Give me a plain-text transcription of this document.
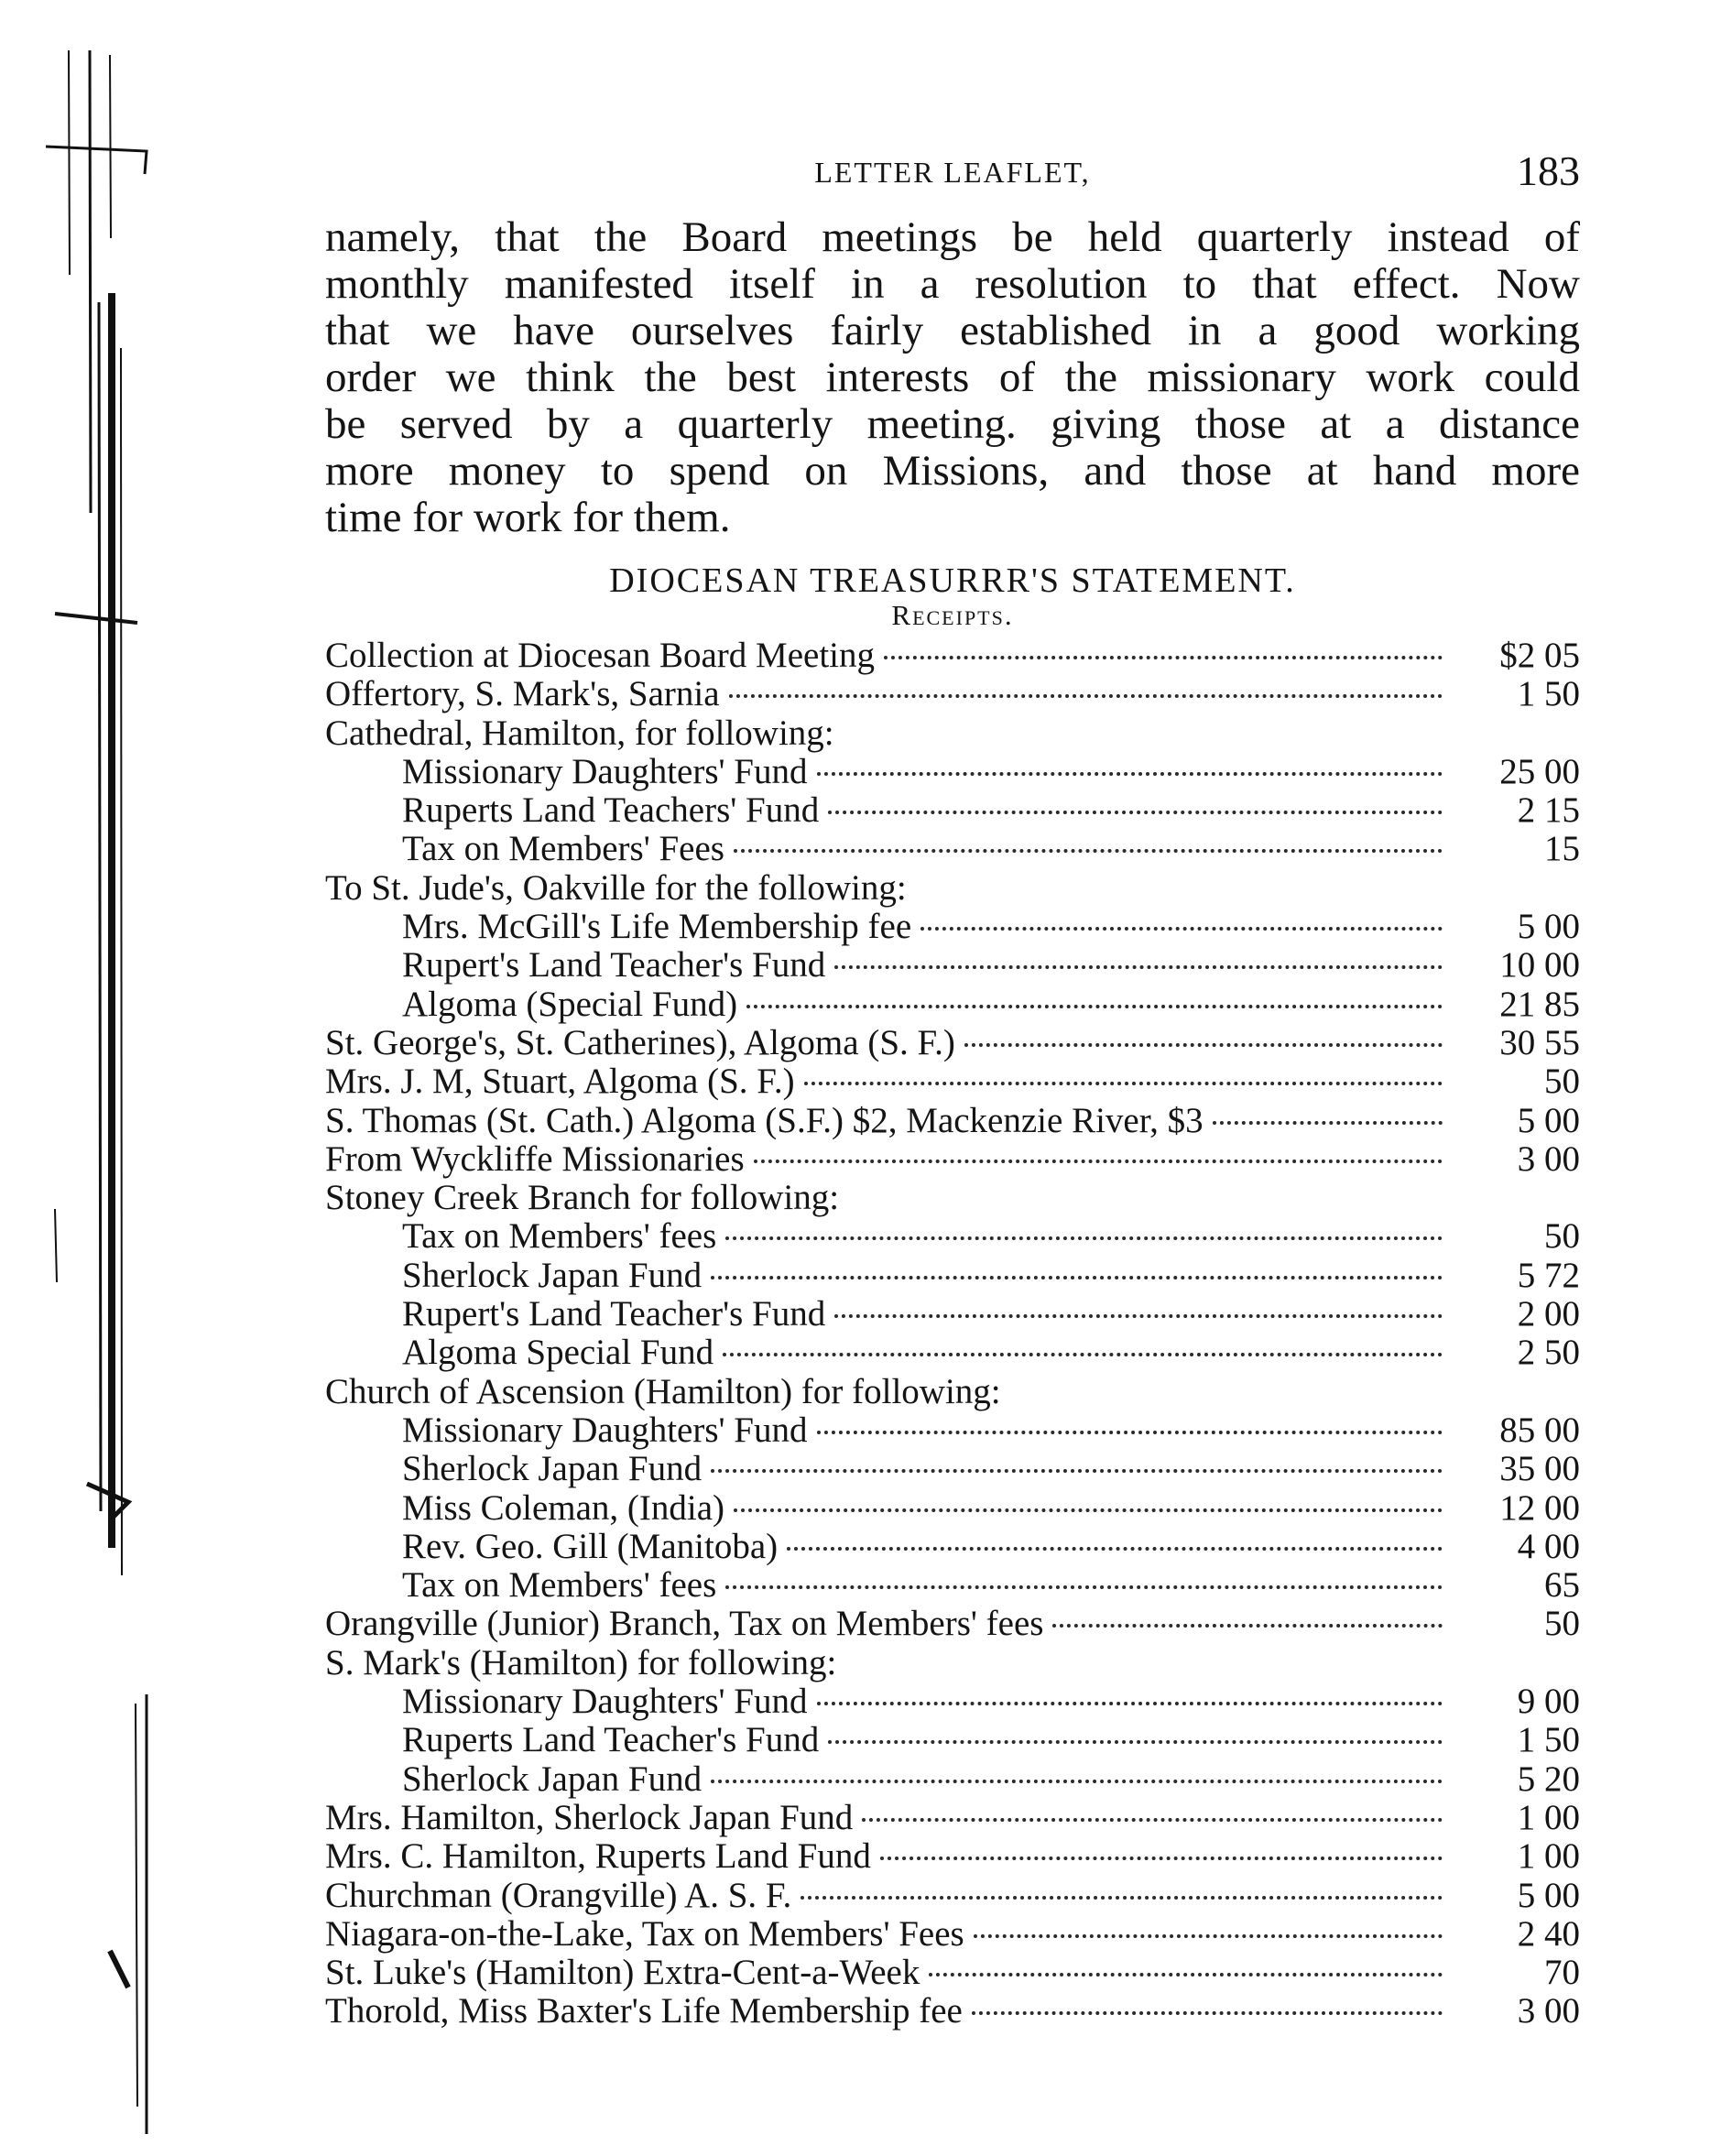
LETTER LEAFLET,	183
namely, that the Board meetings be held quarterly instead of
monthly manifested itself in a resolution to that effect. Now
that we have ourselves fairly established in a good working
order we think the best interests of the missionary work could
be served by a quarterly meeting. giving those at a distance
more money to spend on Missions, and those at hand more
time for work for them.
DIOCESAN TREASURRR'S STATEMENT.
Receipts.
Collection at Diocesan Board Meeting	$2 05
Offertory, S. Mark's, Sarnia	1 50
Cathedral, Hamilton, for following:
Missionary Daughters' Fund	25 00
Ruperts Land Teachers' Fund	2 15
Tax on Members' Fees	15
To St. Jude's, Oakville for the following:
Mrs. McGill's Life Membership fee	5 00
Rupert's Land Teacher's Fund	10 00
Algoma (Special Fund)	21 85
St. George's, St. Catherines), Algoma (S. F.)	30 55
Mrs. J. M, Stuart, Algoma (S. F.)	50
S. Thomas (St. Cath.) Algoma (S.F.) $2, Mackenzie River, $3	5 00
From Wyckliffe Missionaries	3 00
Stoney Creek Branch for following:
Tax on Members' fees	50
Sherlock Japan Fund	5 72
Rupert's Land Teacher's Fund	2 00
Algoma Special Fund	2 50
Church of Ascension (Hamilton) for following:
Missionary Daughters' Fund	85 00
Sherlock Japan Fund	35 00
Miss Coleman, (India)	12 00
Rev. Geo. Gill (Manitoba)	4 00
Tax on Members' fees	65
Orangville (Junior) Branch, Tax on Members' fees	50
S. Mark's (Hamilton) for following:
Missionary Daughters' Fund	9 00
Ruperts Land Teacher's Fund	1 50
Sherlock Japan Fund	5 20
Mrs. Hamilton, Sherlock Japan Fund	1 00
Mrs. C. Hamilton, Ruperts Land Fund	1 00
Churchman (Orangville) A. S. F.	5 00
Niagara-on-the-Lake, Tax on Members' Fees	2 40
St. Luke's (Hamilton) Extra-Cent-a-Week	70
Thorold, Miss Baxter's Life Membership fee	3 00
